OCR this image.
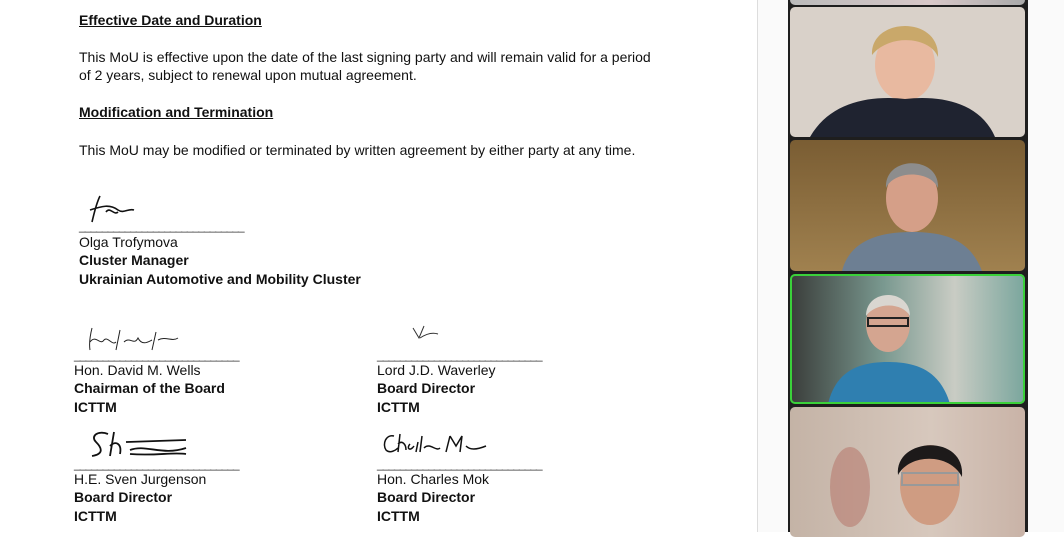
Effective Date and Duration
This MoU is effective upon the date of the last signing party and will remain valid for a period
of 2 years, subject to renewal upon mutual agreement.
Modification and Termination
This MoU may be modified or terminated by written agreement by either party at any time.
_____________________________
Olga Trofymova
Cluster Manager
Ukrainian Automotive and Mobility Cluster
_____________________________
Hon. David M. Wells
Chairman of the Board
ICTTM
_____________________________
Lord J.D. Waverley
Board Director
ICTTM
_____________________________
H.E. Sven Jurgenson
Board Director
ICTTM
_____________________________
Hon. Charles Mok
Board Director
ICTTM
